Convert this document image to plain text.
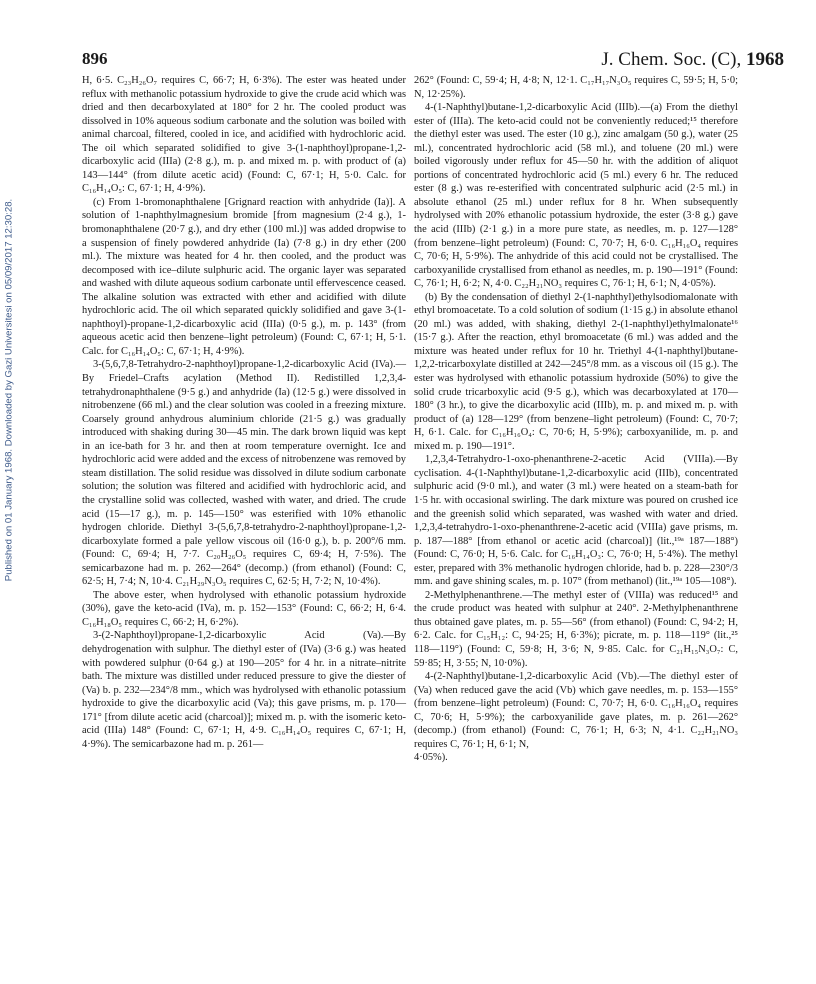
896	J. Chem. Soc. (C), 1968
Published on 01 January 1968. Downloaded by Gazi Universitesi on 05/09/2017 12:30:28.

H, 6·5. C₂₃H₂₆O₇ requires C, 66·7; H, 6·3%). The ester was heated under reflux with methanolic potassium hydroxide to give the crude acid which was dried and then decarboxylated at 180° for 2 hr. The cooled product was dissolved in 10% aqueous sodium carbonate and the solution was boiled with animal charcoal, filtered, cooled in ice, and acidified with hydrochloric acid. The oil which separated solidified to give 3-(1-naphthoyl)propane-1,2-dicarboxylic acid (IIIa) (2·8 g.), m. p. and mixed m. p. with product of (a) 143—144° (from dilute acetic acid) (Found: C, 67·1; H, 5·0. Calc. for C₁₆H₁₄O₅: C, 67·1; H, 4·9%).

(c) From 1-bromonaphthalene [Grignard reaction with anhydride (Ia)]. A solution of 1-naphthylmagnesium bromide [from magnesium (2·4 g.), 1-bromonaphthalene (20·7 g.), and dry ether (100 ml.)] was added dropwise to a suspension of finely powdered anhydride (Ia) (7·8 g.) in dry ether (200 ml.). The mixture was heated for 4 hr. then cooled, and the product was decomposed with ice–dilute sulphuric acid. The organic layer was separated and washed with dilute aqueous sodium carbonate until effervescence ceased. The alkaline solution was extracted with ether and acidified with dilute hydrochloric acid. The oil which separated quickly solidified and gave 3-(1-naphthoyl)-propane-1,2-dicarboxylic acid (IIIa) (0·5 g.), m. p. 143° (from aqueous acetic acid then benzene–light petroleum) (Found: C, 67·1; H, 5·1. Calc. for C₁₆H₁₄O₅: C, 67·1; H, 4·9%).

3-(5,6,7,8-Tetrahydro-2-naphthoyl)propane-1,2-dicarboxylic Acid (IVa).—By Friedel–Crafts acylation (Method II). Redistilled 1,2,3,4-tetrahydronaphthalene (9·5 g.) and anhydride (Ia) (12·5 g.) were dissolved in nitrobenzene (66 ml.) and the clear solution was cooled in a freezing mixture. Coarsely ground anhydrous aluminium chloride (21·5 g.) was gradually introduced with shaking during 30—45 min. The dark brown liquid was kept in an ice-bath for 3 hr. and then at room temperature overnight. Ice and hydrochloric acid were added and the excess of nitrobenzene was removed by steam distillation. The solid residue was dissolved in dilute sodium carbonate solution; the solution was filtered and acidified with hydrochloric acid, and the crystalline solid was collected, washed with water, and dried. The crude acid (15—17 g.), m. p. 145—150° was esterified with 10% ethanolic hydrogen chloride. Diethyl 3-(5,6,7,8-tetrahydro-2-naphthoyl)propane-1,2-dicarboxylate formed a pale yellow viscous oil (16·0 g.), b. p. 200°/6 mm. (Found: C, 69·4; H, 7·7. C₂₀H₂₆O₅ requires C, 69·4; H, 7·5%). The semicarbazone had m. p. 262—264° (decomp.) (from ethanol) (Found: C, 62·5; H, 7·4; N, 10·4. C₂₁H₂₉N₃O₅ requires C, 62·5; H, 7·2; N, 10·4%).

The above ester, when hydrolysed with ethanolic potassium hydroxide (30%), gave the keto-acid (IVa), m. p. 152—153° (Found: C, 66·2; H, 6·4. C₁₆H₁₈O₅ requires C, 66·2; H, 6·2%).

3-(2-Naphthoyl)propane-1,2-dicarboxylic Acid (Va).—By dehydrogenation with sulphur. The diethyl ester of (IVa) (3·6 g.) was heated with powdered sulphur (0·64 g.) at 190—205° for 4 hr. in a nitrate–nitrite bath. The mixture was distilled under reduced pressure to give the diester of (Va) b. p. 232—234°/8 mm., which was hydrolysed with ethanolic potassium hydroxide to give the dicarboxylic acid (Va); this gave prisms, m. p. 170—171° [from dilute acetic acid (charcoal)]; mixed m. p. with the isomeric keto-acid (IIIa) 148° (Found: C, 67·1; H, 4·9. C₁₆H₁₄O₅ requires C, 67·1; H, 4·9%). The semicarbazone had m. p. 261—

262° (Found: C, 59·4; H, 4·8; N, 12·1. C₁₇H₁₇N₃O₅ requires C, 59·5; H, 5·0; N, 12·25%).

4-(1-Naphthyl)butane-1,2-dicarboxylic Acid (IIIb).—(a) From the diethyl ester of (IIIa). The keto-acid could not be conveniently reduced;¹⁵ therefore the diethyl ester was used. The ester (10 g.), zinc amalgam (50 g.), water (25 ml.), concentrated hydrochloric acid (58 ml.), and toluene (20 ml.) were boiled vigorously under reflux for 45—50 hr. with the addition of aliquot portions of concentrated hydrochloric acid (5 ml.) every 6 hr. The reduced ester (8 g.) was re-esterified with concentrated sulphuric acid (2·5 ml.) in absolute ethanol (25 ml.) under reflux for 8 hr. When subsequently hydrolysed with 20% ethanolic potassium hydroxide, the ester (3·8 g.) gave the acid (IIIb) (2·1 g.) in a more pure state, as needles, m. p. 127—128° (from benzene–light petroleum) (Found: C, 70·7; H, 6·0. C₁₆H₁₆O₄ requires C, 70·6; H, 5·9%). The anhydride of this acid could not be crystallised. The carboxyanilide crystallised from ethanol as needles, m. p. 190—191° (Found: C, 76·1; H, 6·2; N, 4·0. C₂₂H₂₁NO₃ requires C, 76·1; H, 6·1; N, 4·05%).

(b) By the condensation of diethyl 2-(1-naphthyl)ethylsodiomalonate with ethyl bromoacetate. To a cold solution of sodium (1·15 g.) in absolute ethanol (20 ml.) was added, with shaking, diethyl 2-(1-naphthyl)ethylmalonate¹⁶ (15·7 g.). After the reaction, ethyl bromoacetate (6 ml.) was added and the mixture was heated under reflux for 10 hr. Triethyl 4-(1-naphthyl)butane-1,2,2-tricarboxylate distilled at 242—245°/8 mm. as a viscous oil (15 g.). The ester was hydrolysed with ethanolic potassium hydroxide (50%) to give the solid crude tricarboxylic acid (9·5 g.), which was decarboxylated at 170—180° (3 hr.), to give the dicarboxylic acid (IIIb), m. p. and mixed m. p. with product of (a) 128—129° (from benzene–light petroleum) (Found: C, 70·7; H, 6·1. Calc. for C₁₆H₁₆O₄: C, 70·6; H, 5·9%); carboxyanilide, m. p. and mixed m. p. 190—191°.

1,2,3,4-Tetrahydro-1-oxo-phenanthrene-2-acetic Acid (VIIIa).—By cyclisation. 4-(1-Naphthyl)butane-1,2-dicarboxylic acid (IIIb), concentrated sulphuric acid (9·0 ml.), and water (3 ml.) were heated on a steam-bath for 1·5 hr. with occasional swirling. The dark mixture was poured on crushed ice and the greenish solid which separated, was washed with water and dried. 1,2,3,4-tetrahydro-1-oxo-phenanthrene-2-acetic acid (VIIIa) gave prisms, m. p. 187—188° [from ethanol or acetic acid (charcoal)] (lit.,¹⁹ᵃ 187—188°) (Found: C, 76·0; H, 5·6. Calc. for C₁₆H₁₄O₃: C, 76·0; H, 5·4%). The methyl ester, prepared with 3% methanolic hydrogen chloride, had b. p. 228—230°/3 mm. and gave shining scales, m. p. 107° (from methanol) (lit.,¹⁹ᵃ 105—108°).

2-Methylphenanthrene.—The methyl ester of (VIIIa) was reduced¹⁵ and the crude product was heated with sulphur at 240°. 2-Methylphenanthrene thus obtained gave plates, m. p. 55—56° (from ethanol) (Found: C, 94·2; H, 6·2. Calc. for C₁₅H₁₂: C, 94·25; H, 6·3%); picrate, m. p. 118—119° (lit.,²⁵ 118—119°) (Found: C, 59·8; H, 3·6; N, 9·85. Calc. for C₂₁H₁₅N₃O₇: C, 59·85; H, 3·55; N, 10·0%).

4-(2-Naphthyl)butane-1,2-dicarboxylic Acid (Vb).—The diethyl ester of (Va) when reduced gave the acid (Vb) which gave needles, m. p. 153—155° (from benzene–light petroleum) (Found: C, 70·7; H, 6·0. C₁₆H₁₆O₄ requires C, 70·6; H, 5·9%); the carboxyanilide gave plates, m. p. 261—262° (decomp.) (from ethanol) (Found: C, 76·1; H, 6·3; N, 4·1. C₂₂H₂₁NO₃ requires C, 76·1; H, 6·1; N,

4·05%).
